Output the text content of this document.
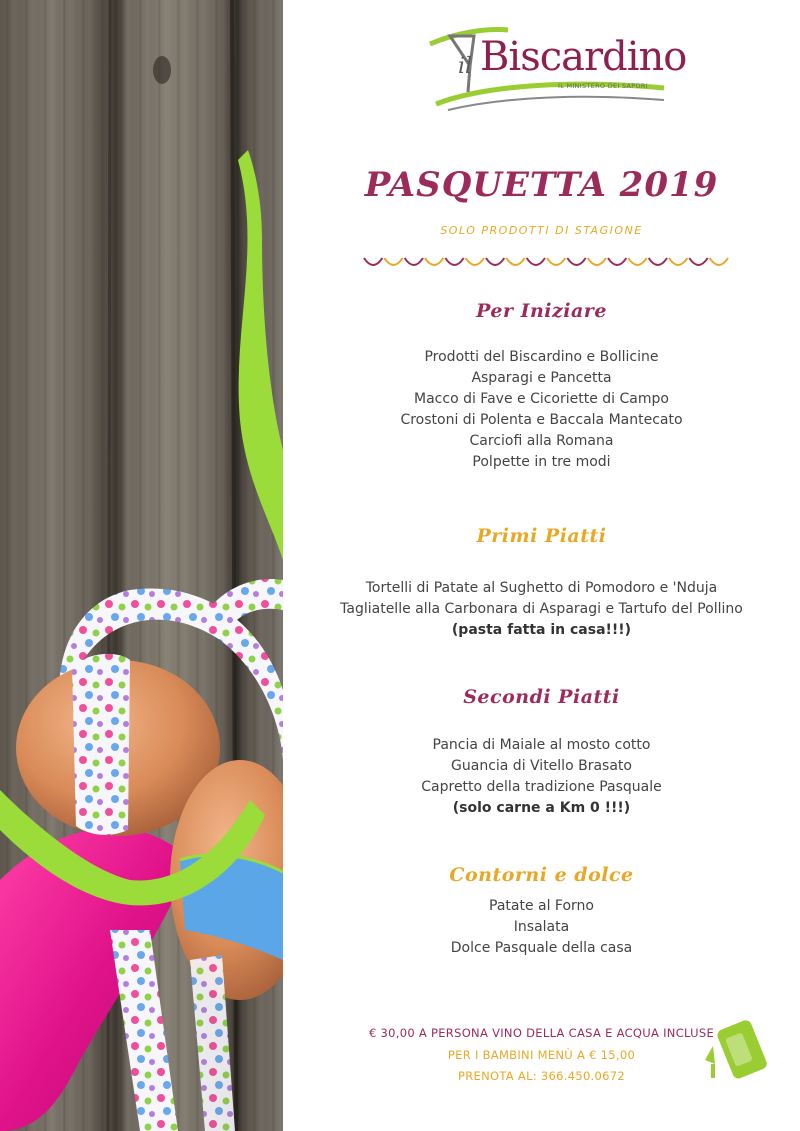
il Biscardino
IL MINISTERO DEI SAPORI
PASQUETTA 2019
SOLO PRODOTTI DI STAGIONE
Per Iniziare
Prodotti del Biscardino e Bollicine
Asparagi e Pancetta
Macco di Fave e Cicoriette di Campo
Crostoni di Polenta e Baccala Mantecato
Carciofi alla Romana
Polpette in tre modi
Primi Piatti
Tortelli di Patate al Sughetto di Pomodoro e 'Nduja
Tagliatelle alla Carbonara di Asparagi e Tartufo del Pollino
(pasta fatta in casa!!!)
Secondi Piatti
Pancia di Maiale al mosto cotto
Guancia di Vitello Brasato
Capretto della tradizione Pasquale
(solo carne a Km 0 !!!)
Contorni e dolce
Patate al Forno
Insalata
Dolce Pasquale della casa
€ 30,00 A PERSONA VINO DELLA CASA E ACQUA INCLUSE
PER I BAMBINI MENÙ A € 15,00
PRENOTA AL: 366.450.0672
